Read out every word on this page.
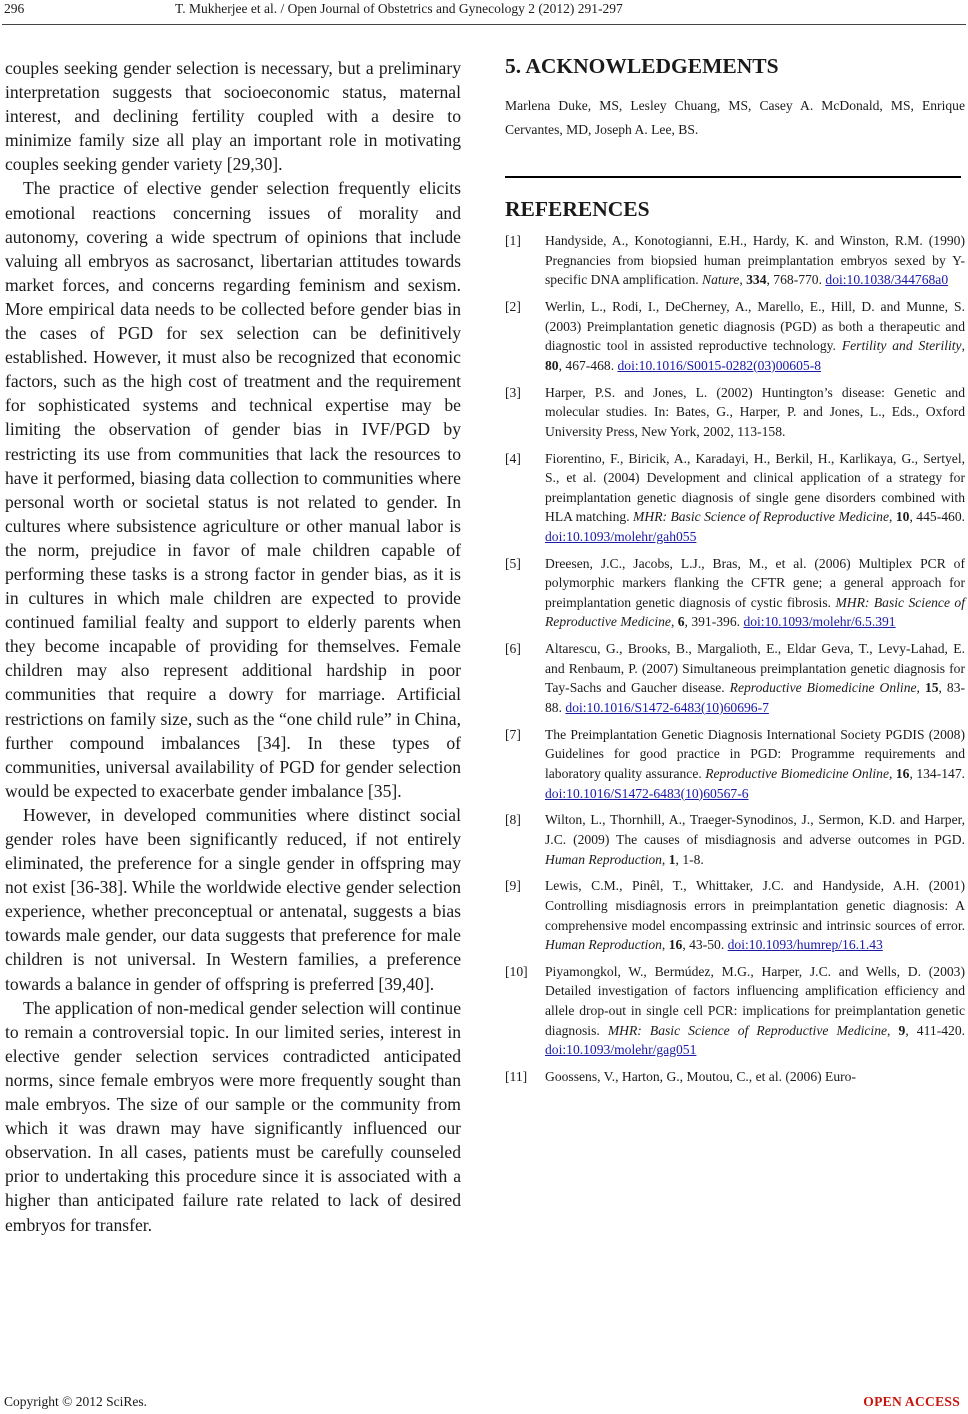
296	T. Mukherjee et al. / Open Journal of Obstetrics and Gynecology 2 (2012) 291-297

couples seeking gender selection is necessary, but a preliminary interpretation suggests that socioeconomic status, maternal interest, and declining fertility coupled with a desire to minimize family size all play an important role in motivating couples seeking gender variety [29,30].

The practice of elective gender selection frequently elicits emotional reactions concerning issues of morality and autonomy, covering a wide spectrum of opinions that include valuing all embryos as sacrosanct, libertarian attitudes towards market forces, and concerns regarding feminism and sexism. More empirical data needs to be collected before gender bias in the cases of PGD for sex selection can be definitively established. However, it must also be recognized that economic factors, such as the high cost of treatment and the requirement for sophisticated systems and technical expertise may be limiting the observation of gender bias in IVF/PGD by restricting its use from communities that lack the resources to have it performed, biasing data collection to communities where personal worth or societal status is not related to gender. In cultures where subsistence agriculture or other manual labor is the norm, prejudice in favor of male children capable of performing these tasks is a strong factor in gender bias, as it is in cultures in which male children are expected to provide continued familial fealty and support to elderly parents when they become incapable of providing for themselves. Female children may also represent additional hardship in poor communities that require a dowry for marriage. Artificial restrictions on family size, such as the “one child rule” in China, further compound imbalances [34]. In these types of communities, universal availability of PGD for gender selection would be expected to exacerbate gender imbalance [35].

However, in developed communities where distinct social gender roles have been significantly reduced, if not entirely eliminated, the preference for a single gender in offspring may not exist [36-38]. While the worldwide elective gender selection experience, whether preconceptual or antenatal, suggests a bias towards male gender, our data suggests that preference for male children is not universal. In Western families, a preference towards a balance in gender of offspring is preferred [39,40].

The application of non-medical gender selection will continue to remain a controversial topic. In our limited series, interest in elective gender selection services contradicted anticipated norms, since female embryos were more frequently sought than male embryos. The size of our sample or the community from which it was drawn may have significantly influenced our observation. In all cases, patients must be carefully counseled prior to undertaking this procedure since it is associated with a higher than anticipated failure rate related to lack of desired embryos for transfer.

5. ACKNOWLEDGEMENTS
Marlena Duke, MS, Lesley Chuang, MS, Casey A. McDonald, MS, Enrique Cervantes, MD, Joseph A. Lee, BS.
REFERENCES
[1]	Handyside, A., Konotogianni, E.H., Hardy, K. and Winston, R.M. (1990) Pregnancies from biopsied human preimplantation embryos sexed by Y-specific DNA amplification. Nature, 334, 768-770. doi:10.1038/344768a0
[2]	Werlin, L., Rodi, I., DeCherney, A., Marello, E., Hill, D. and Munne, S. (2003) Preimplantation genetic diagnosis (PGD) as both a therapeutic and diagnostic tool in assisted reproductive technology. Fertility and Sterility, 80, 467-468. doi:10.1016/S0015-0282(03)00605-8
[3]	Harper, P.S. and Jones, L. (2002) Huntington’s disease: Genetic and molecular studies. In: Bates, G., Harper, P. and Jones, L., Eds., Oxford University Press, New York, 2002, 113-158.
[4]	Fiorentino, F., Biricik, A., Karadayi, H., Berkil, H., Karlikaya, G., Sertyel, S., et al. (2004) Development and clinical application of a strategy for preimplantation genetic diagnosis of single gene disorders combined with HLA matching. MHR: Basic Science of Reproductive Medicine, 10, 445-460. doi:10.1093/molehr/gah055
[5]	Dreesen, J.C., Jacobs, L.J., Bras, M., et al. (2006) Multiplex PCR of polymorphic markers flanking the CFTR gene; a general approach for preimplantation genetic diagnosis of cystic fibrosis. MHR: Basic Science of Reproductive Medicine, 6, 391-396. doi:10.1093/molehr/6.5.391
[6]	Altarescu, G., Brooks, B., Margalioth, E., Eldar Geva, T., Levy-Lahad, E. and Renbaum, P. (2007) Simultaneous preimplantation genetic diagnosis for Tay-Sachs and Gaucher disease. Reproductive Biomedicine Online, 15, 83-88. doi:10.1016/S1472-6483(10)60696-7
[7]	The Preimplantation Genetic Diagnosis International Society PGDIS (2008) Guidelines for good practice in PGD: Programme requirements and laboratory quality assurance. Reproductive Biomedicine Online, 16, 134-147. doi:10.1016/S1472-6483(10)60567-6
[8]	Wilton, L., Thornhill, A., Traeger-Synodinos, J., Sermon, K.D. and Harper, J.C. (2009) The causes of misdiagnosis and adverse outcomes in PGD. Human Reproduction, 1, 1-8.
[9]	Lewis, C.M., Pinêl, T., Whittaker, J.C. and Handyside, A.H. (2001) Controlling misdiagnosis errors in preimplantation genetic diagnosis: A comprehensive model encompassing extrinsic and intrinsic sources of error. Human Reproduction, 16, 43-50. doi:10.1093/humrep/16.1.43
[10]	Piyamongkol, W., Bermúdez, M.G., Harper, J.C. and Wells, D. (2003) Detailed investigation of factors influencing amplification efficiency and allele drop-out in single cell PCR: implications for preimplantation genetic diagnosis. MHR: Basic Science of Reproductive Medicine, 9, 411-420. doi:10.1093/molehr/gag051
[11]	Goossens, V., Harton, G., Moutou, C., et al. (2006) Euro-
Copyright © 2012 SciRes.	OPEN ACCESS
